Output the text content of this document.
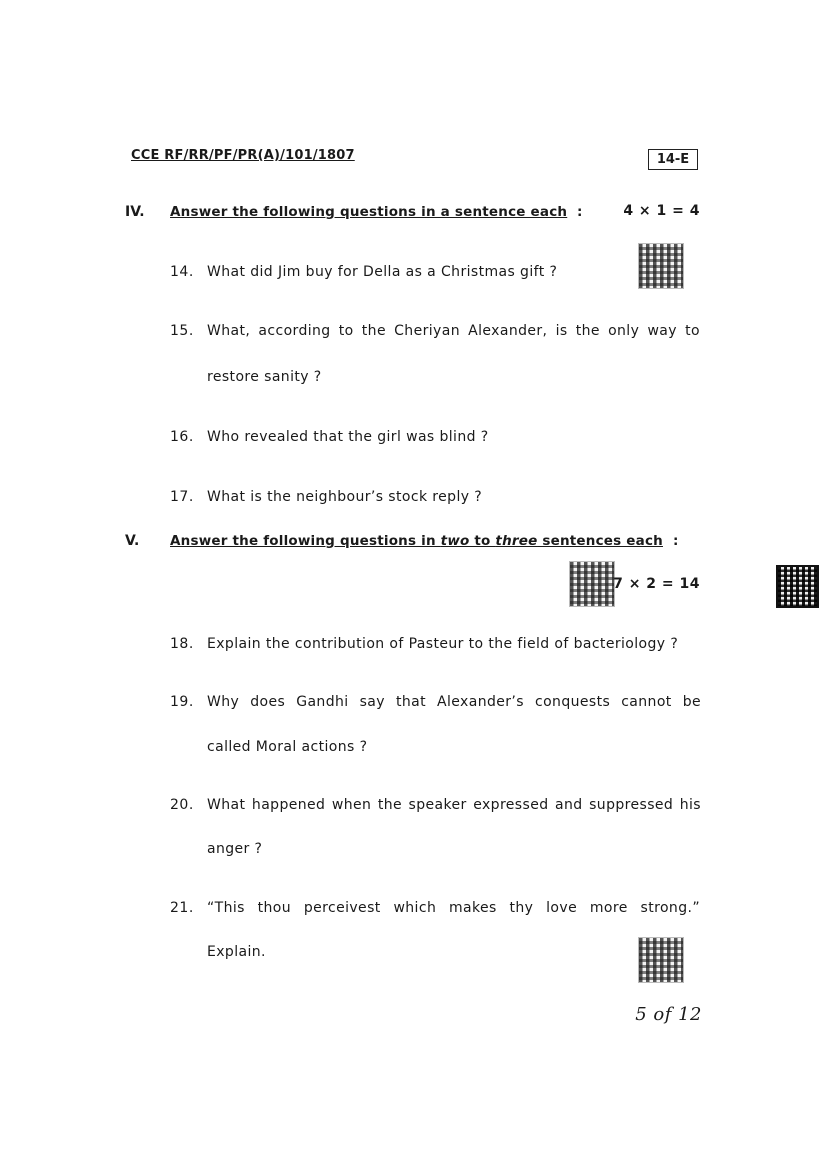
CCE RF/RR/PF/PR(A)/101/1807	14-E
IV. Answer the following questions in a sentence each :	4 × 1 = 4
14. What did Jim buy for Della as a Christmas gift ?
15. What, according to the Cheriyan Alexander, is the only way to
restore sanity ?
16. Who revealed that the girl was blind ?
17. What is the neighbour’s stock reply ?
V. Answer the following questions in two to three sentences each :
7 × 2 = 14
18. Explain the contribution of Pasteur to the field of bacteriology ?
19. Why does Gandhi say that Alexander’s conquests cannot be
called Moral actions ?
20. What happened when the speaker expressed and suppressed his
anger ?
21. “This thou perceivest which makes thy love more strong.”
Explain.
5 of 12
